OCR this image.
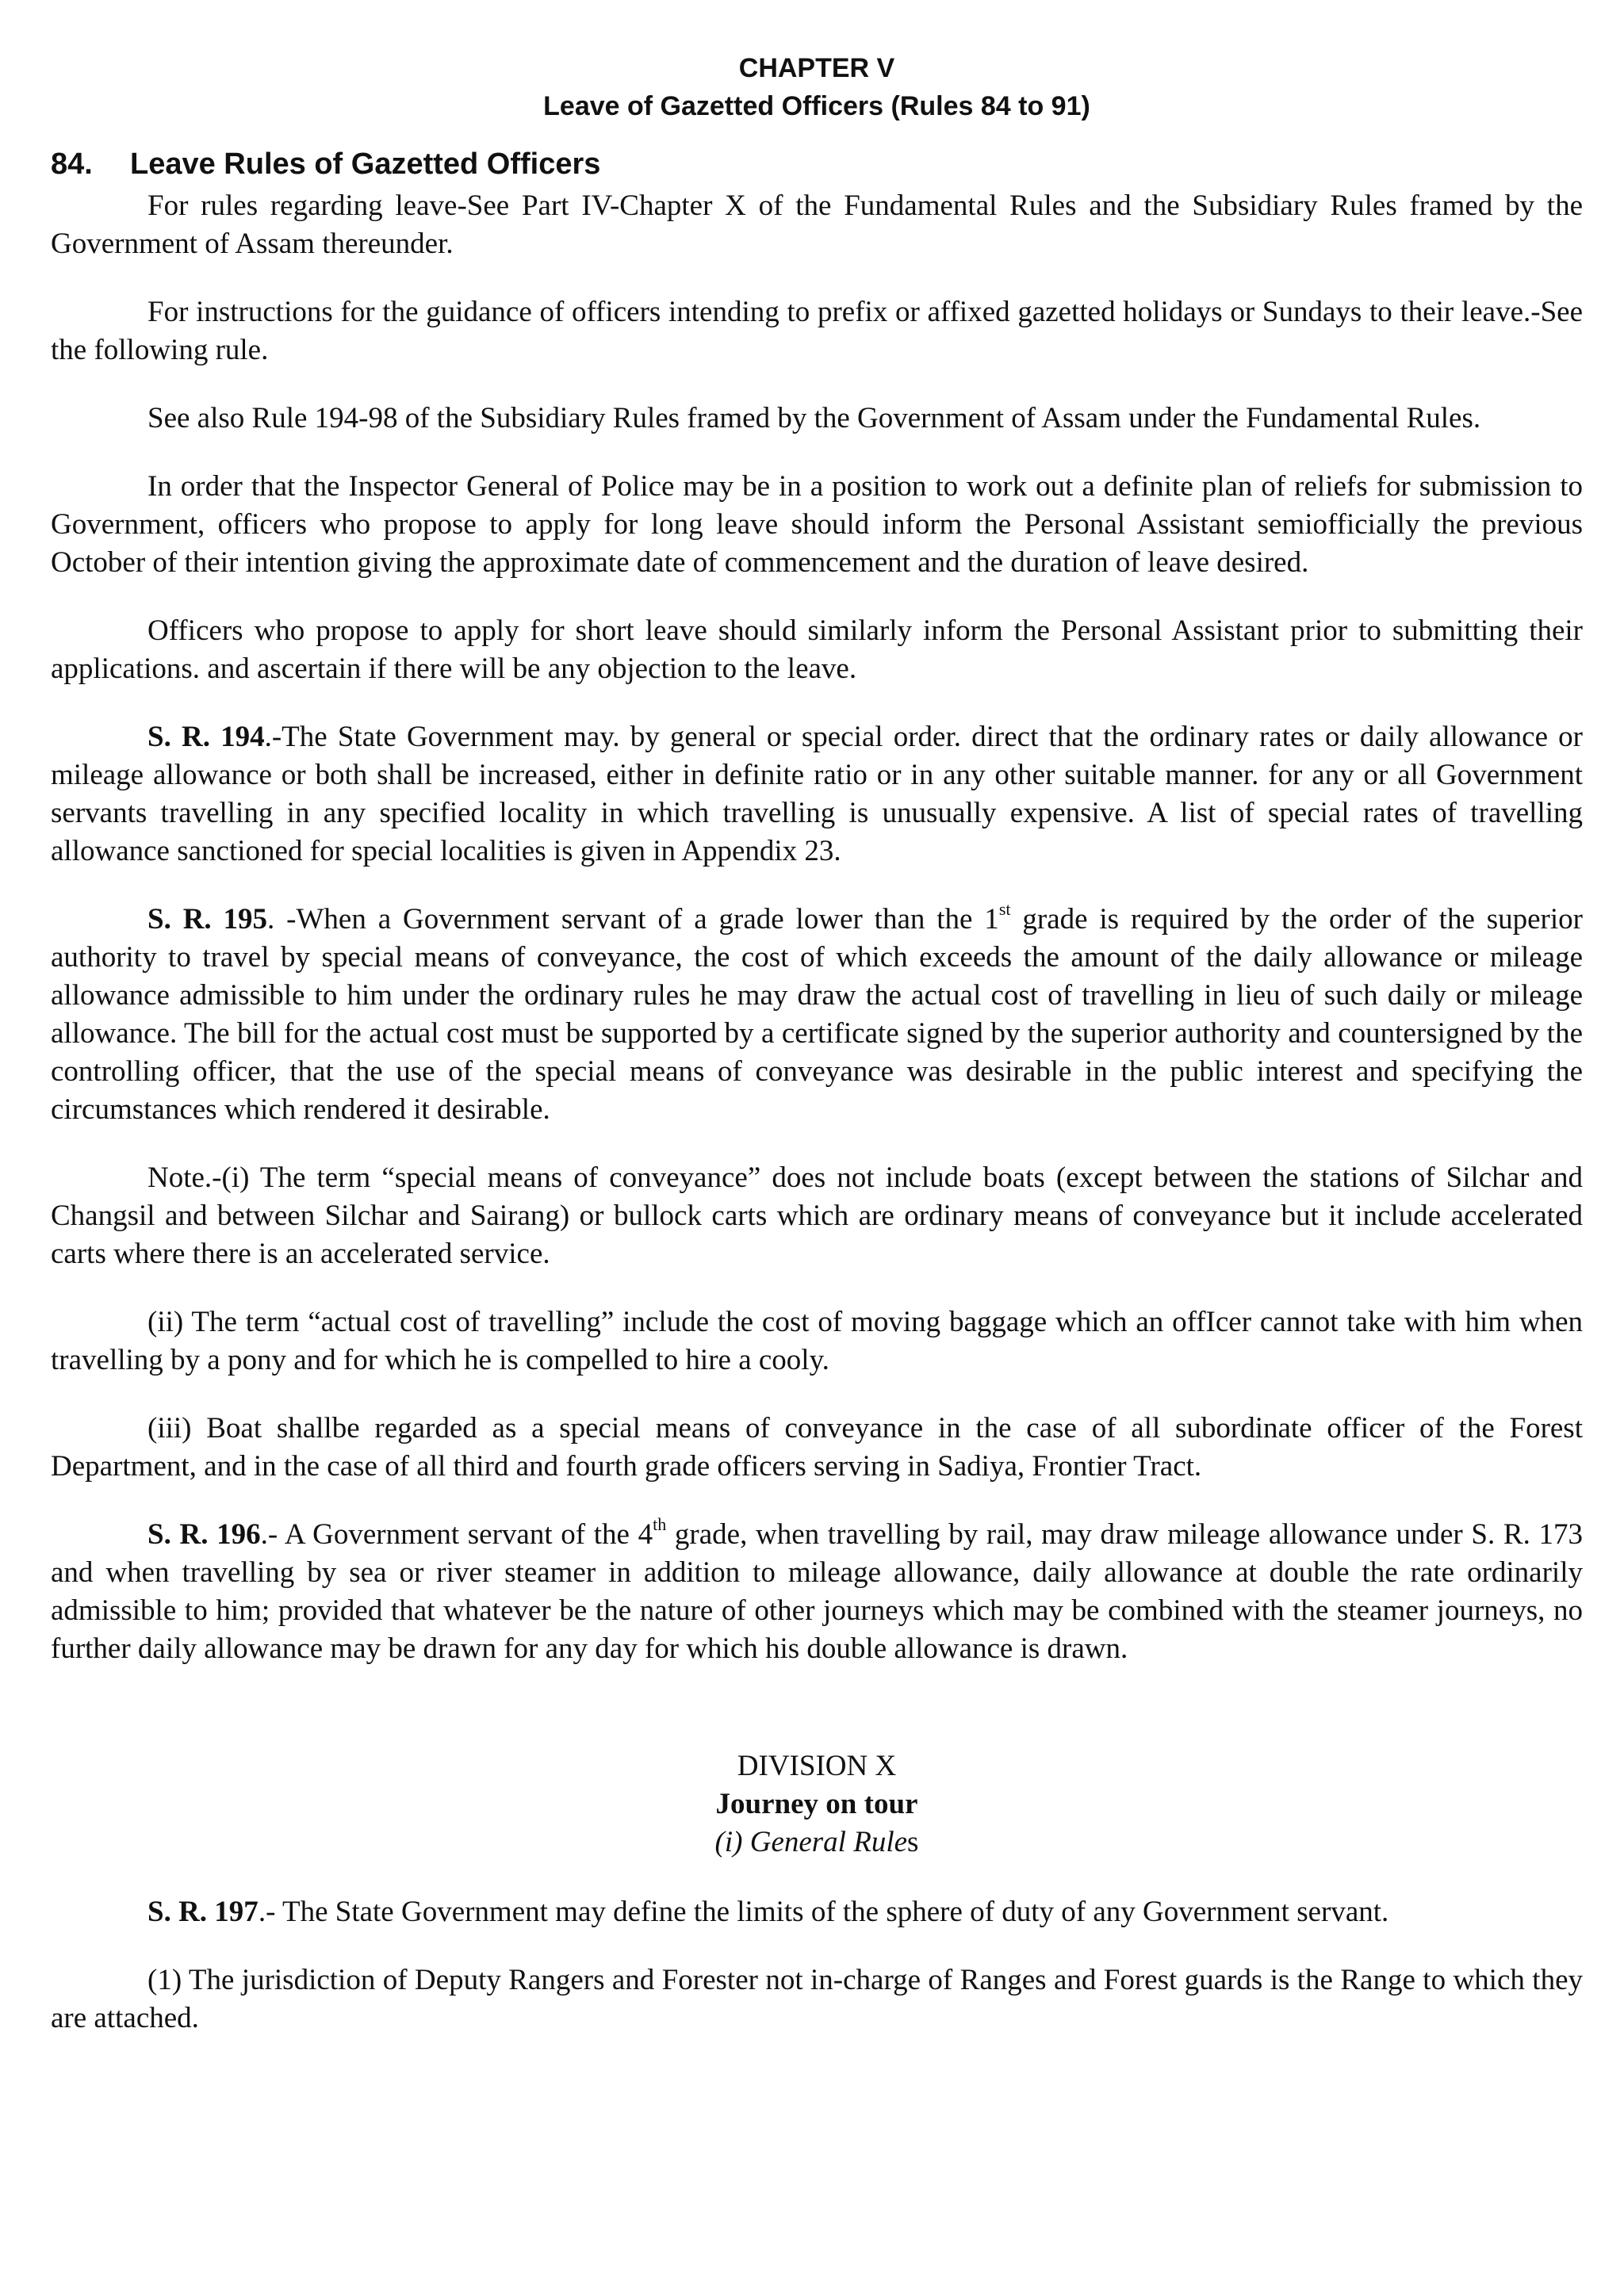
CHAPTER V
Leave of Gazetted Officers (Rules 84 to 91)
84. Leave Rules of Gazetted Officers

For rules regarding leave-See Part IV-Chapter X of the Fundamental Rules and the Subsidiary Rules framed by the Government of Assam thereunder.

For instructions for the guidance of officers intending to prefix or affixed gazetted holidays or Sundays to their leave.-See the following rule.

See also Rule 194-98 of the Subsidiary Rules framed by the Government of Assam under the Fundamental Rules.

In order that the Inspector General of Police may be in a position to work out a definite plan of reliefs for submission to Government, officers who propose to apply for long leave should inform the Personal Assistant semiofficially the previous October of their intention giving the approximate date of commencement and the duration of leave desired.

Officers who propose to apply for short leave should similarly inform the Personal Assistant prior to submitting their applications. and ascertain if there will be any objection to the leave.

S. R. 194.-The State Government may. by general or special order. direct that the ordinary rates or daily allowance or mileage allowance or both shall be increased, either in definite ratio or in any other suitable manner. for any or all Government servants travelling in any specified locality in which travelling is unusually expensive. A list of special rates of travelling allowance sanctioned for special localities is given in Appendix 23.

S. R. 195. -When a Government servant of a grade lower than the 1st grade is required by the order of the superior authority to travel by special means of conveyance, the cost of which exceeds the amount of the daily allowance or mileage allowance admissible to him under the ordinary rules he may draw the actual cost of travelling in lieu of such daily or mileage allowance. The bill for the actual cost must be supported by a certificate signed by the superior authority and countersigned by the controlling officer, that the use of the special means of conveyance was desirable in the public interest and specifying the circumstances which rendered it desirable.

Note.-(i) The term “special means of conveyance” does not include boats (except between the stations of Silchar and Changsil and between Silchar and Sairang) or bullock carts which are ordinary means of conveyance but it include accelerated carts where there is an accelerated service.

(ii) The term “actual cost of travelling” include the cost of moving baggage which an offIcer cannot take with him when travelling by a pony and for which he is compelled to hire a cooly.

(iii) Boat shallbe regarded as a special means of conveyance in the case of all subordinate officer of the Forest Department, and in the case of all third and fourth grade officers serving in Sadiya, Frontier Tract.

S. R. 196.- A Government servant of the 4th grade, when travelling by rail, may draw mileage allowance under S. R. 173 and when travelling by sea or river steamer in addition to mileage allowance, daily allowance at double the rate ordinarily admissible to him; provided that whatever be the nature of other journeys which may be combined with the steamer journeys, no further daily allowance may be drawn for any day for which his double allowance is drawn.

DIVISION X
Journey on tour
(i) General Rules

S. R. 197.- The State Government may define the limits of the sphere of duty of any Government servant.

(1) The jurisdiction of Deputy Rangers and Forester not in-charge of Ranges and Forest guards is the Range to which they are attached.
